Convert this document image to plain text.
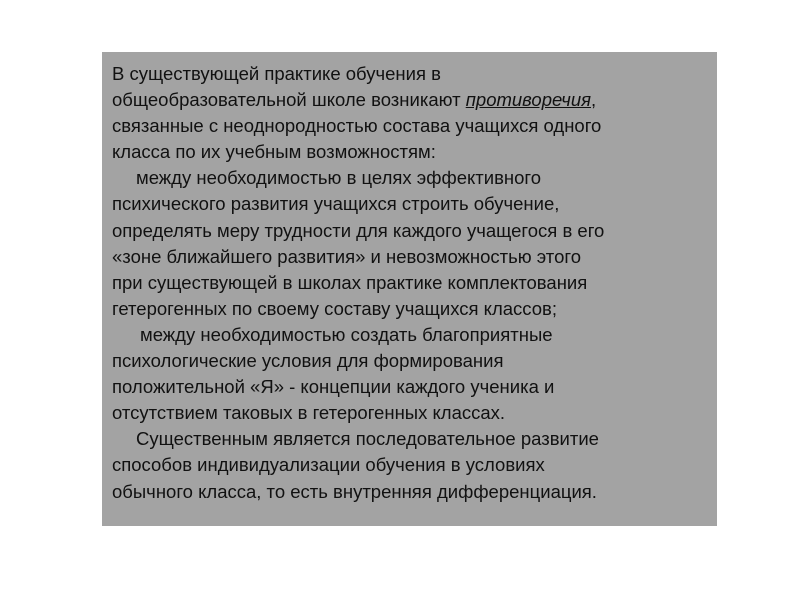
В существующей практике обучения в
общеобразовательной школе возникают противоречия,
связанные с неоднородностью состава учащихся одного
класса по их учебным возможностям:
между необходимостью в целях эффективного
психического развития учащихся строить обучение,
определять меру трудности для каждого учащегося в его
«зоне ближайшего развития» и невозможностью этого
при существующей в школах практике комплектования
гетерогенных по своему составу учащихся классов;
между необходимостью создать благоприятные
психологические условия для формирования
положительной «Я» - концепции каждого ученика и
отсутствием таковых в гетерогенных классах.
Существенным является последовательное развитие
способов индивидуализации обучения в условиях
обычного класса, то есть внутренняя дифференциация.
